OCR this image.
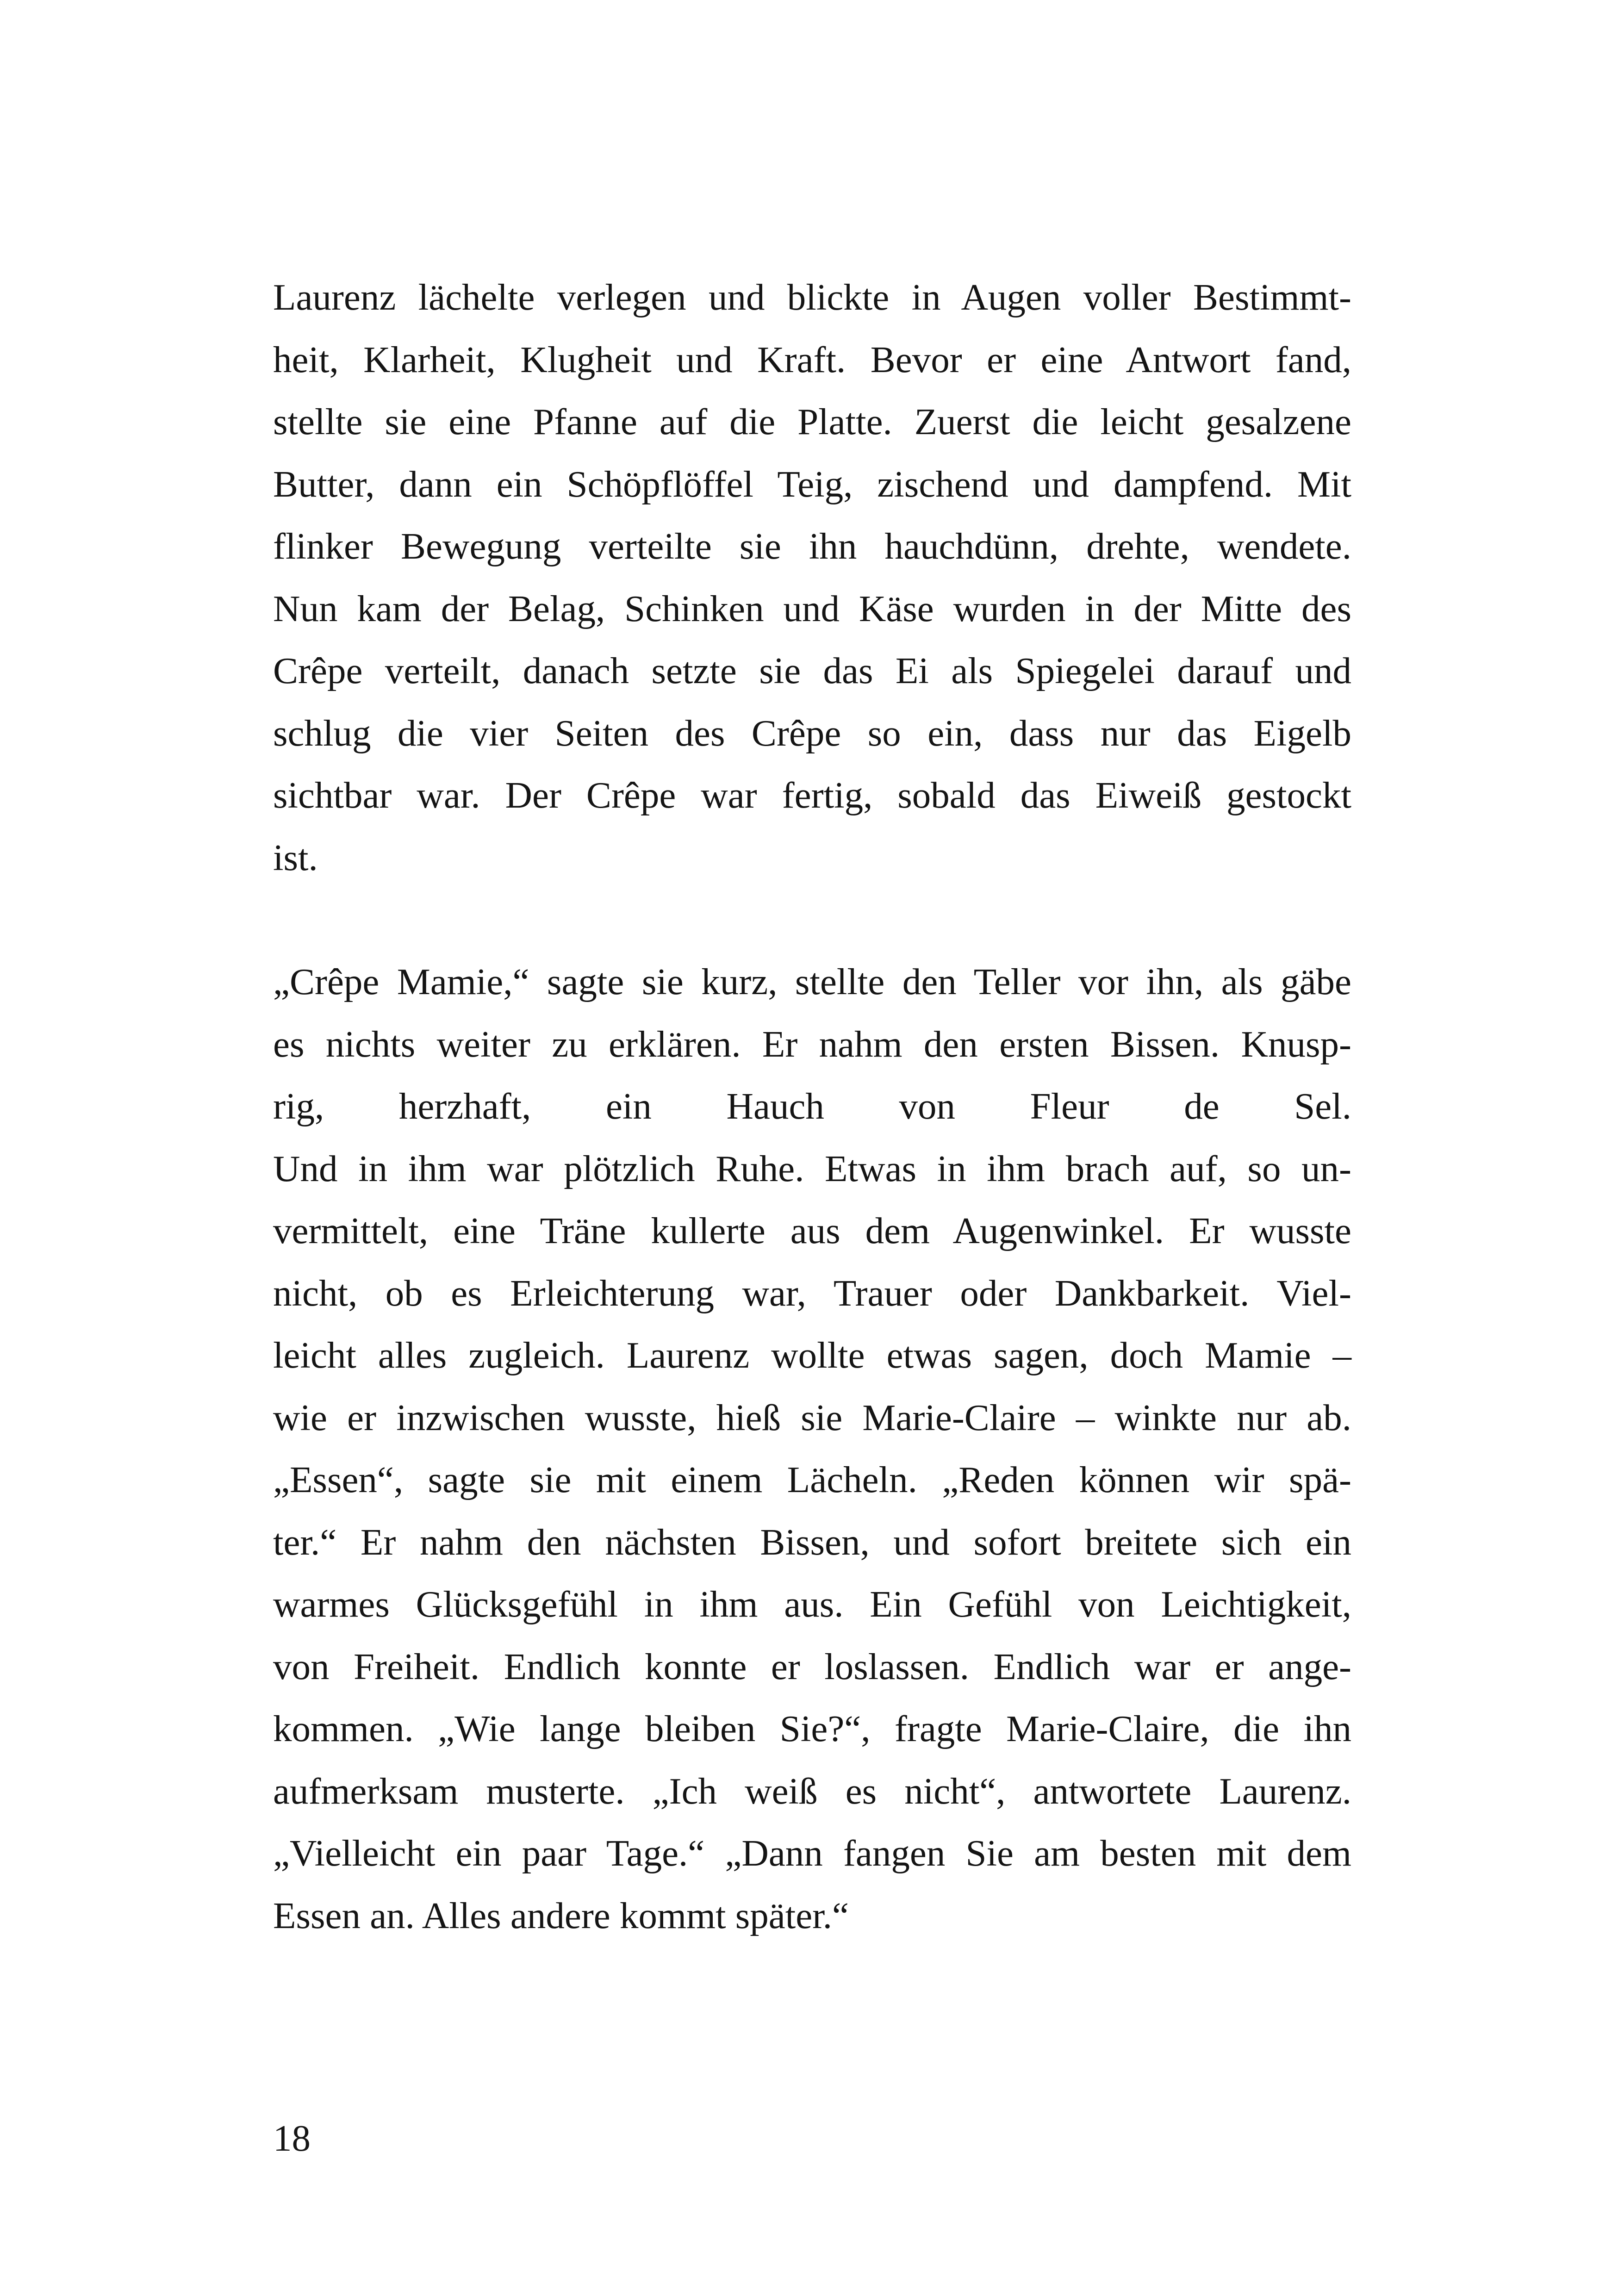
Laurenz lächelte verlegen und blickte in Augen voller Bestimmt-
heit, Klarheit, Klugheit und Kraft. Bevor er eine Antwort fand,
stellte sie eine Pfanne auf die Platte. Zuerst die leicht gesalzene
Butter, dann ein Schöpflöffel Teig, zischend und dampfend. Mit
flinker Bewegung verteilte sie ihn hauchdünn, drehte, wendete.
Nun kam der Belag, Schinken und Käse wurden in der Mitte des
Crêpe verteilt, danach setzte sie das Ei als Spiegelei darauf und
schlug die vier Seiten des Crêpe so ein, dass nur das Eigelb
sichtbar war. Der Crêpe war fertig, sobald das Eiweiß gestockt
ist.

„Crêpe Mamie,“ sagte sie kurz, stellte den Teller vor ihn, als gäbe
es nichts weiter zu erklären. Er nahm den ersten Bissen. Knusp-
rig, herzhaft, ein Hauch von Fleur de Sel.
Und in ihm war plötzlich Ruhe. Etwas in ihm brach auf, so un-
vermittelt, eine Träne kullerte aus dem Augenwinkel. Er wusste
nicht, ob es Erleichterung war, Trauer oder Dankbarkeit. Viel-
leicht alles zugleich. Laurenz wollte etwas sagen, doch Mamie –
wie er inzwischen wusste, hieß sie Marie-Claire – winkte nur ab.
„Essen“, sagte sie mit einem Lächeln. „Reden können wir spä-
ter.“ Er nahm den nächsten Bissen, und sofort breitete sich ein
warmes Glücksgefühl in ihm aus. Ein Gefühl von Leichtigkeit,
von Freiheit. Endlich konnte er loslassen. Endlich war er ange-
kommen. „Wie lange bleiben Sie?“, fragte Marie-Claire, die ihn
aufmerksam musterte. „Ich weiß es nicht“, antwortete Laurenz.
„Vielleicht ein paar Tage.“ „Dann fangen Sie am besten mit dem
Essen an. Alles andere kommt später.“

18
